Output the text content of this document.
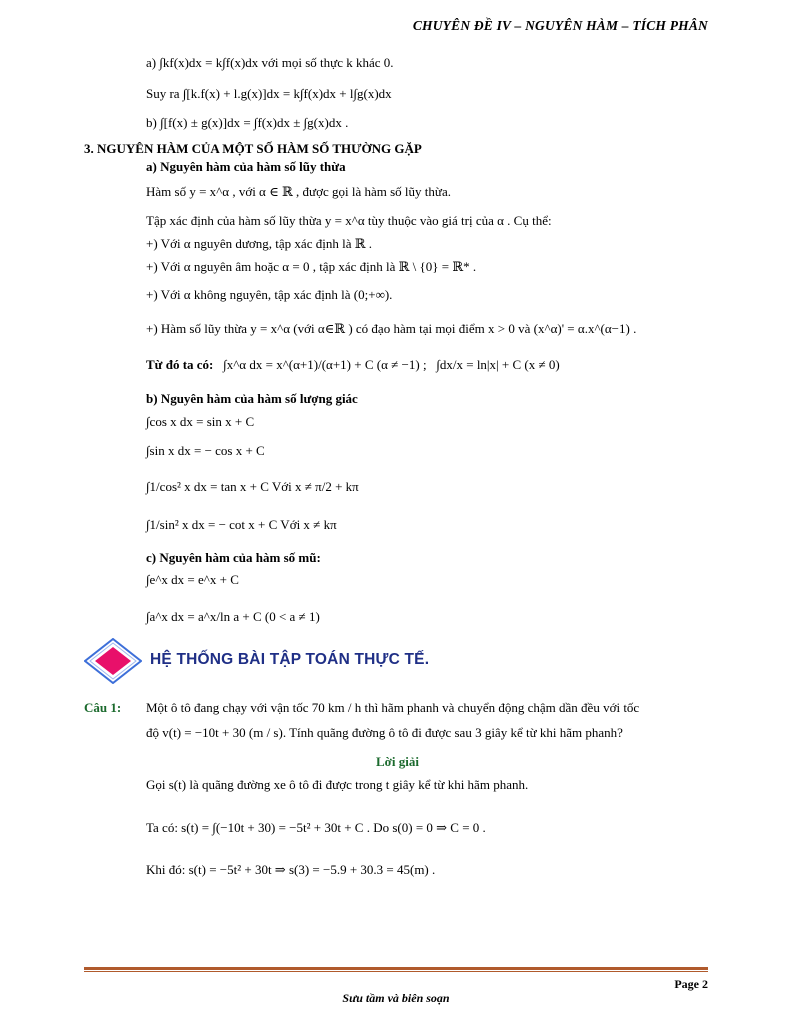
CHUYÊN ĐỀ IV – NGUYÊN HÀM – TÍCH PHÂN
a) ∫kf(x)dx = k∫f(x)dx với mọi số thực k khác 0.
Suy ra ∫[k.f(x) + l.g(x)]dx = k∫f(x)dx + l∫g(x)dx
b) ∫[f(x) ± g(x)]dx = ∫f(x)dx ± ∫g(x)dx .
3. NGUYÊN HÀM CỦA MỘT SỐ HÀM SỐ THƯỜNG GẶP
a) Nguyên hàm của hàm số lũy thừa
Hàm số y = x^α , với α ∈ ℝ , được gọi là hàm số lũy thừa.
Tập xác định của hàm số lũy thừa y = x^α tùy thuộc vào giá trị của α . Cụ thể:
+) Với α nguyên dương, tập xác định là ℝ .
+) Với α nguyên âm hoặc α = 0 , tập xác định là ℝ \ {0} = ℝ* .
+) Với α không nguyên, tập xác định là (0;+∞).
+) Hàm số lũy thừa y = x^α (với α∈ℝ ) có đạo hàm tại mọi điểm x > 0 và (x^α)' = α.x^(α−1) .
Từ đó ta có: ∫x^α dx = x^(α+1)/(α+1) + C (α ≠ −1) ; ∫dx/x = ln|x| + C (x ≠ 0)
b) Nguyên hàm của hàm số lượng giác
∫cos x dx = sin x + C
∫sin x dx = − cos x + C
∫1/cos² x dx = tan x + C Với x ≠ π/2 + kπ
∫1/sin² x dx = − cot x + C Với x ≠ kπ
c) Nguyên hàm của hàm số mũ:
∫e^x dx = e^x + C
∫a^x dx = a^x/ln a + C (0 < a ≠ 1)
HỆ THỐNG BÀI TẬP TOÁN THỰC TẾ.
Câu 1: Một ô tô đang chạy với vận tốc 70 km / h thì hãm phanh và chuyển động chậm dần đều với tốc
độ v(t) = −10t + 30 (m / s). Tính quãng đường ô tô đi được sau 3 giây kể từ khi hãm phanh?
Lời giải
Gọi s(t) là quãng đường xe ô tô đi được trong t giây kể từ khi hãm phanh.
Ta có: s(t) = ∫(−10t + 30) = −5t² + 30t + C . Do s(0) = 0 ⇒ C = 0 .
Khi đó: s(t) = −5t² + 30t ⇒ s(3) = −5.9 + 30.3 = 45(m) .
Page 2
Sưu tầm và biên soạn
